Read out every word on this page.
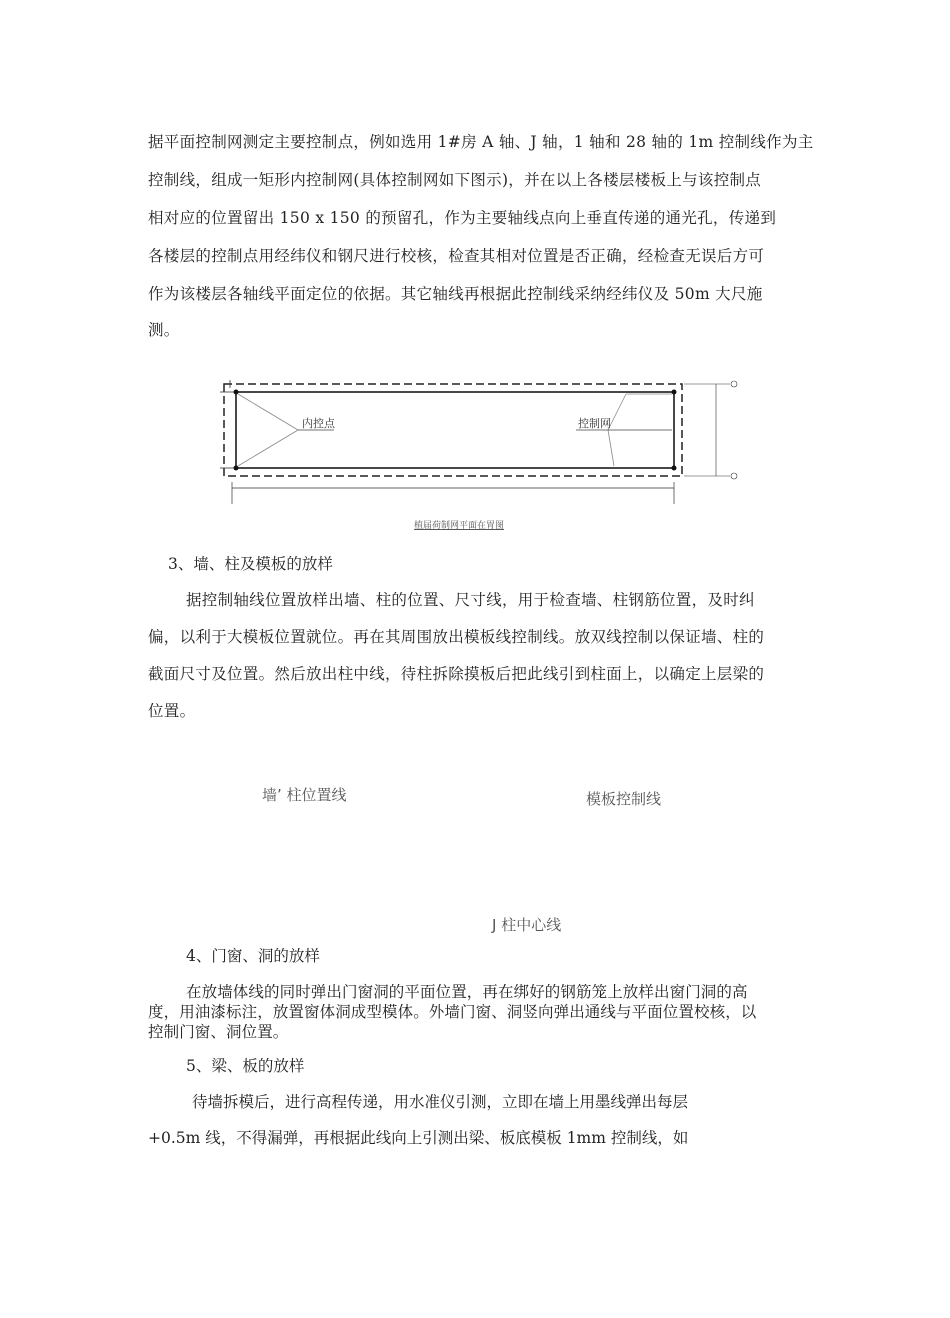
据平面控制网测定主要控制点，例如选用 1#房 A 轴、J 轴，1 轴和 28 轴的 1m 控制线作为主
控制线，组成一矩形内控制网(具体控制网如下图示)，并在以上各楼层楼板上与该控制点
相对应的位置留出 150 x 150 的预留孔，作为主要轴线点向上垂直传递的通光孔，传递到
各楼层的控制点用经纬仪和钢尺进行校核，检查其相对位置是否正确，经检查无误后方可
作为该楼层各轴线平面定位的依据。其它轴线再根据此控制线采纳经纬仪及 50m 大尺施
测。
内控点	控制网
植届荷制网平面在胃图
3、墙、柱及模板的放样
据控制轴线位置放样出墙、柱的位置、尺寸线，用于检查墙、柱钢筋位置，及时纠
偏，以利于大模板位置就位。再在其周围放出模板线控制线。放双线控制以保证墙、柱的
截面尺寸及位置。然后放出柱中线，待柱拆除摸板后把此线引到柱面上，以确定上层梁的
位置。
墙’ 柱位置线	模板控制线
J 柱中心线
4、门窗、洞的放样
在放墙体线的同时弹出门窗洞的平面位置，再在绑好的钢筋笼上放样出窗门洞的高
度，用油漆标注，放置窗体洞成型模体。外墙门窗、洞竖向弹出通线与平面位置校核，以
控制门窗、洞位置。
5、梁、板的放样
待墙拆模后，进行高程传递，用水准仪引测，立即在墙上用墨线弹出每层
+0.5m 线，不得漏弹，再根据此线向上引测出梁、板底模板 1mm 控制线，如
